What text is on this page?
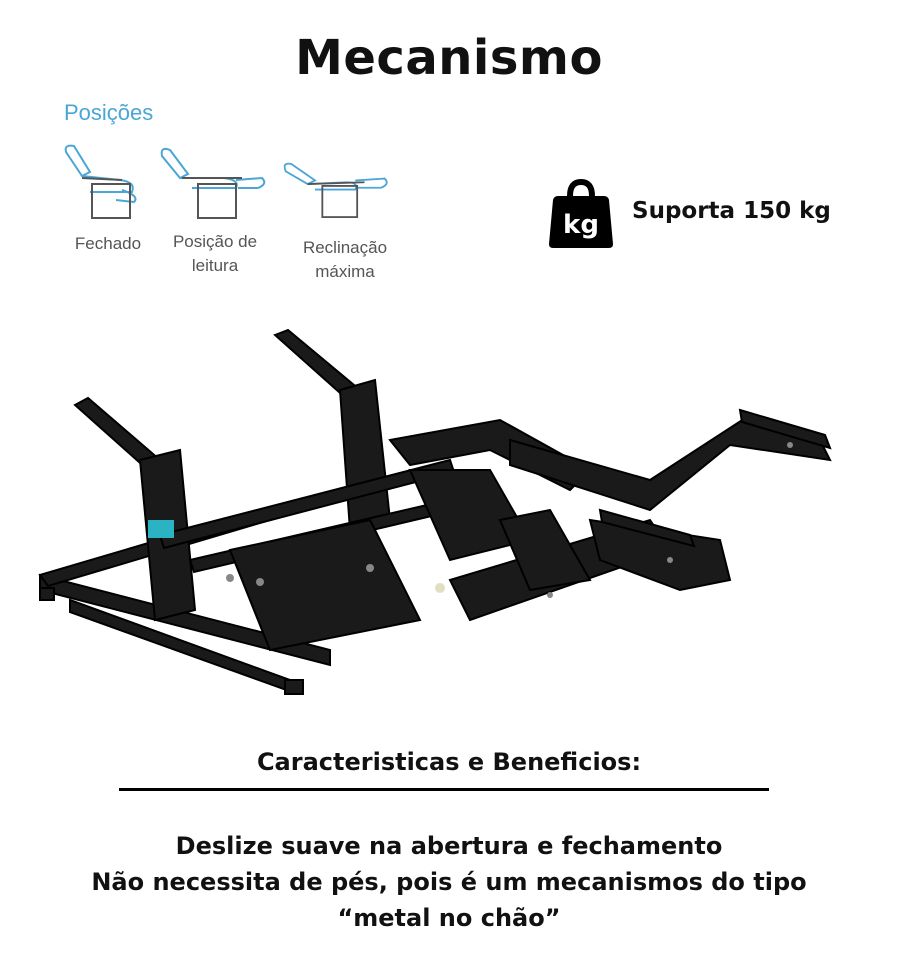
Mecanismo
Posições
Fechado	Posição de
leitura
Reclinação
máxima
kg Suporta 150 kg
Caracteristicas e Beneficios:
Deslize suave na abertura e fechamento
Não necessita de pés, pois é um mecanismos do tipo
“metal no chão”
